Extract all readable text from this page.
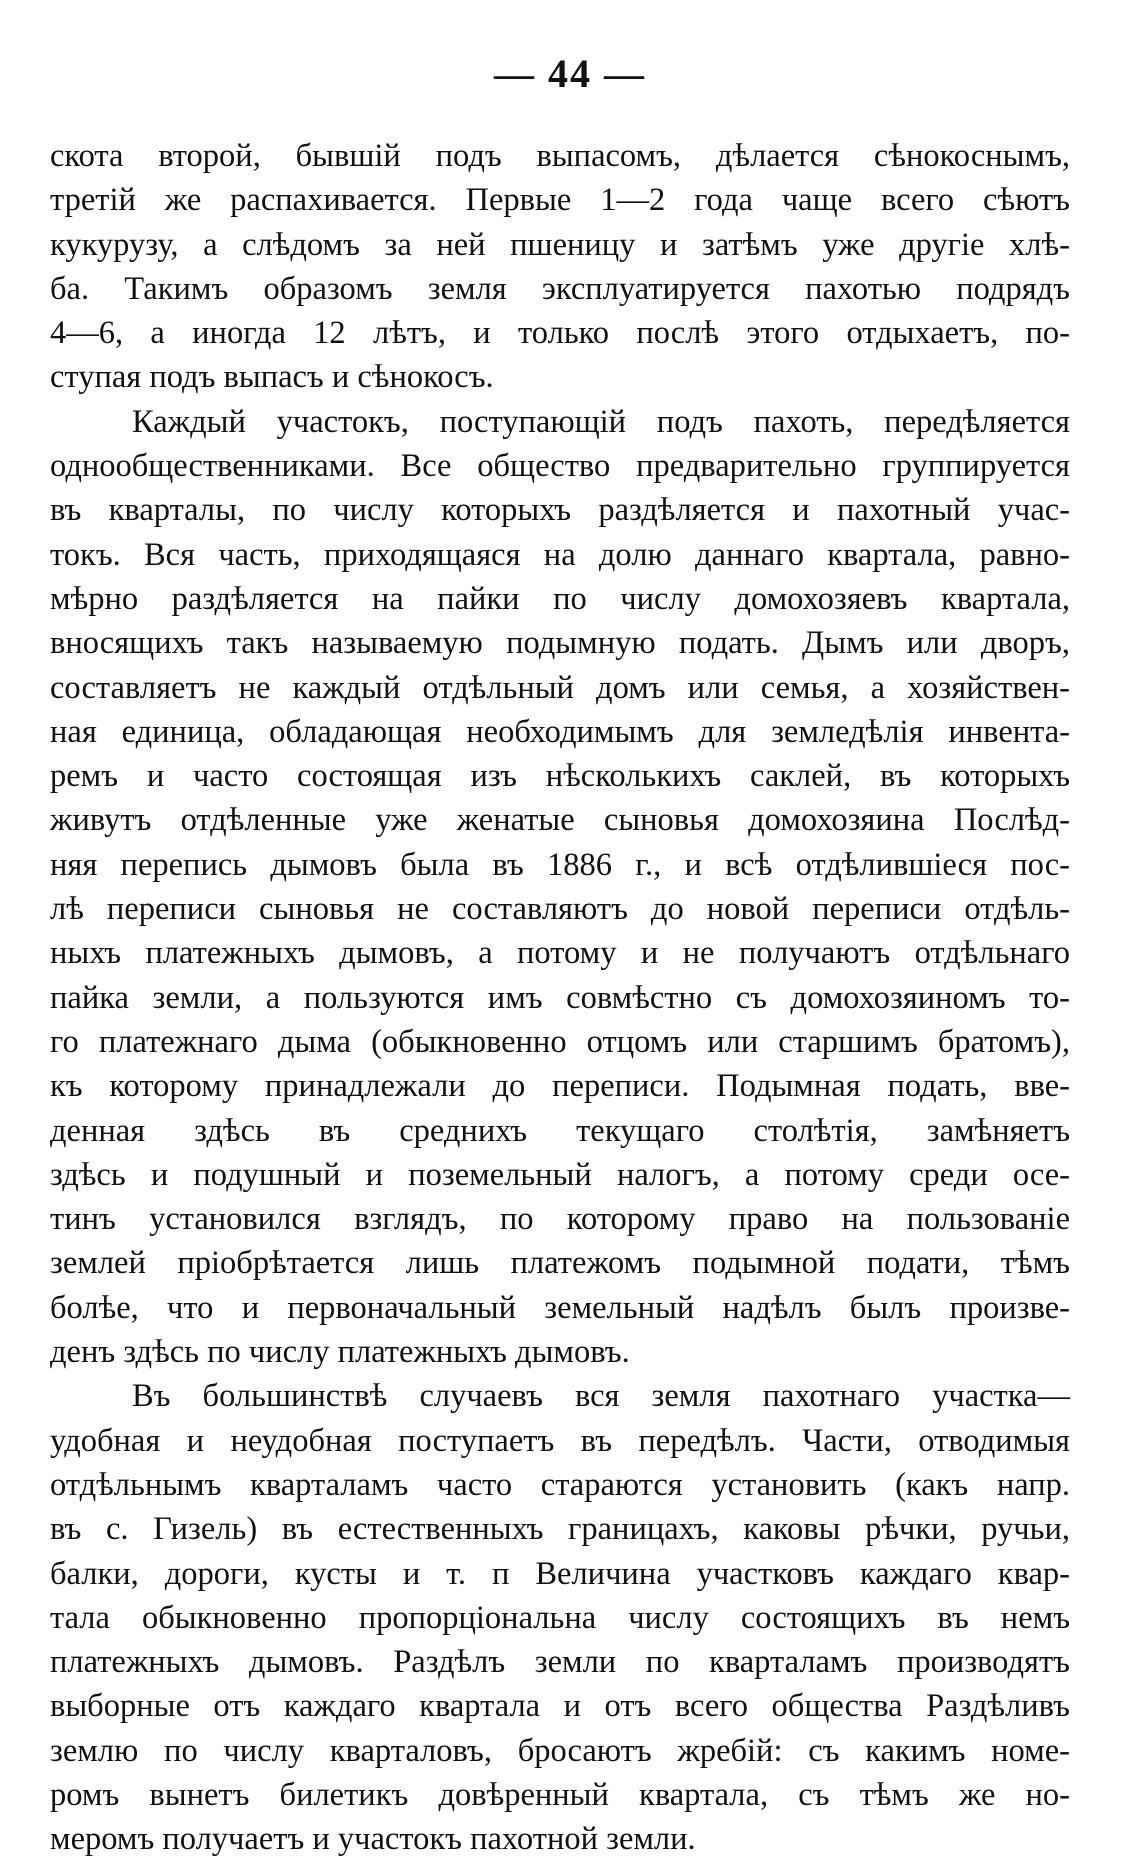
— 44 —
скота второй, бывшій подъ выпасомъ, дѣлается сѣнокоснымъ,
третій же распахивается. Первые 1—2 года чаще всего сѣютъ
кукурузу, а слѣдомъ за ней пшеницу и затѣмъ уже другіе хлѣ-
ба. Такимъ образомъ земля эксплуатируется пахотью подрядъ
4—6, а иногда 12 лѣтъ, и только послѣ этого отдыхаетъ, по-
ступая подъ выпасъ и сѣнокосъ.
Каждый участокъ, поступающій подъ пахоть, передѣляется
однообщественниками. Все общество предварительно группируется
въ кварталы, по числу которыхъ раздѣляется и пахотный учас-
токъ. Вся часть, приходящаяся на долю даннаго квартала, равно-
мѣрно раздѣляется на пайки по числу домохозяевъ квартала,
вносящихъ такъ называемую подымную подать. Дымъ или дворъ,
составляетъ не каждый отдѣльный домъ или семья, а хозяйствен-
ная единица, обладающая необходимымъ для земледѣлія инвента-
ремъ и часто состоящая изъ нѣсколькихъ саклей, въ которыхъ
живутъ отдѣленные уже женатые сыновья домохозяина Послѣд-
няя перепись дымовъ была въ 1886 г., и всѣ отдѣлившіеся пос-
лѣ переписи сыновья не составляютъ до новой переписи отдѣль-
ныхъ платежныхъ дымовъ, а потому и не получаютъ отдѣльнаго
пайка земли, а пользуются имъ совмѣстно съ домохозяиномъ то-
го платежнаго дыма (обыкновенно отцомъ или старшимъ братомъ),
къ которому принадлежали до переписи. Подымная подать, вве-
денная здѣсь въ среднихъ текущаго столѣтія, замѣняетъ
здѣсь и подушный и поземельный налогъ, а потому среди осе-
тинъ установился взглядъ, по которому право на пользованіе
землей пріобрѣтается лишь платежомъ подымной подати, тѣмъ
болѣе, что и первоначальный земельный надѣлъ былъ произве-
денъ здѣсь по числу платежныхъ дымовъ.
Въ большинствѣ случаевъ вся земля пахотнаго участка—
удобная и неудобная поступаетъ въ передѣлъ. Части, отводимыя
отдѣльнымъ кварталамъ часто стараются установить (какъ напр.
въ с. Гизель) въ естественныхъ границахъ, каковы рѣчки, ручьи,
балки, дороги, кусты и т. п Величина участковъ каждаго квар-
тала обыкновенно пропорціональна числу состоящихъ въ немъ
платежныхъ дымовъ. Раздѣлъ земли по кварталамъ производятъ
выборные отъ каждаго квартала и отъ всего общества Раздѣливъ
землю по числу кварталовъ, бросаютъ жребій: съ какимъ номе-
ромъ вынетъ билетикъ довѣренный квартала, съ тѣмъ же но-
меромъ получаетъ и участокъ пахотной земли.
